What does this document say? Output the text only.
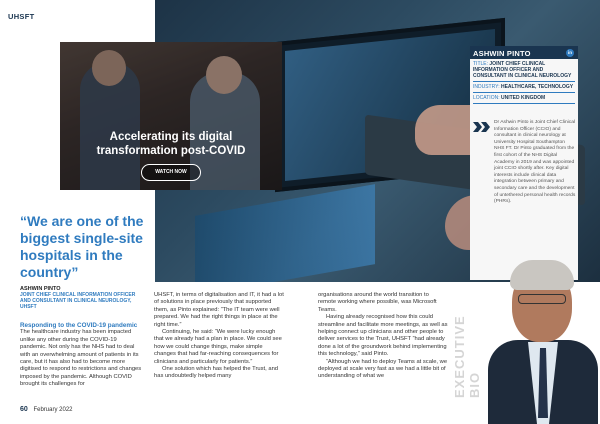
UHSFT
Accelerating its digital transformation post-COVID
WATCH NOW
“We are one of the biggest single-site hospitals in the country”
ASHWIN PINTO
JOINT CHIEF CLINICAL INFORMATION OFFICER AND CONSULTANT IN CLINICAL NEUROLOGY, UHSFT

Responding to the COVID-19 pandemic

The healthcare industry has been impacted unlike any other during the COVID-19 pandemic. Not only has the NHS had to deal with an overwhelming amount of patients in its care, but it has also had to become more digitised to respond to restrictions and changes imposed by the pandemic. Although COVID brought its challenges for

UHSFT, in terms of digitalisation and IT, it had a lot of solutions in place previously that supported them, as Pinto explained: “The IT team were well prepared. We had the right things in place at the right time.”

Continuing, he said: “We were lucky enough that we already had a plan in place. We could see how we could change things, make simple changes that had far-reaching consequences for clinicians and particularly for patients.”

One solution which has helped the Trust, and has undoubtedly helped many

organisations around the world transition to remote working where possible, was Microsoft Teams.

Having already recognised how this could streamline and facilitate more meetings, as well as helping connect up clinicians and other people to deliver services to the Trust, UHSFT “had already done a lot of the groundwork behind implementing this technology,” said Pinto.

“Although we had to deploy Teams at scale, we deployed at scale very fast as we had a little bit of understanding of what we

ASHWIN PINTO	in
TITLE: JOINT CHIEF CLINICAL INFORMATION OFFICER AND CONSULTANT IN CLINICAL NEUROLOGY
INDUSTRY: HEALTHCARE, TECHNOLOGY
LOCATION: UNITED KINGDOM
Dr Ashwin Pinto is Joint Chief Clinical Information Officer (CCIO) and consultant in clinical neurology at University Hospital Southampton NHS FT. Dr Pinto graduated from the first cohort of the NHS Digital Academy in 2019 and was appointed joint CCIO shortly after. Key digital interests include clinical data integration between primary and secondary care and the development of untethered personal health records (PHRs).
EXECUTIVE BIO
60 February 2022
